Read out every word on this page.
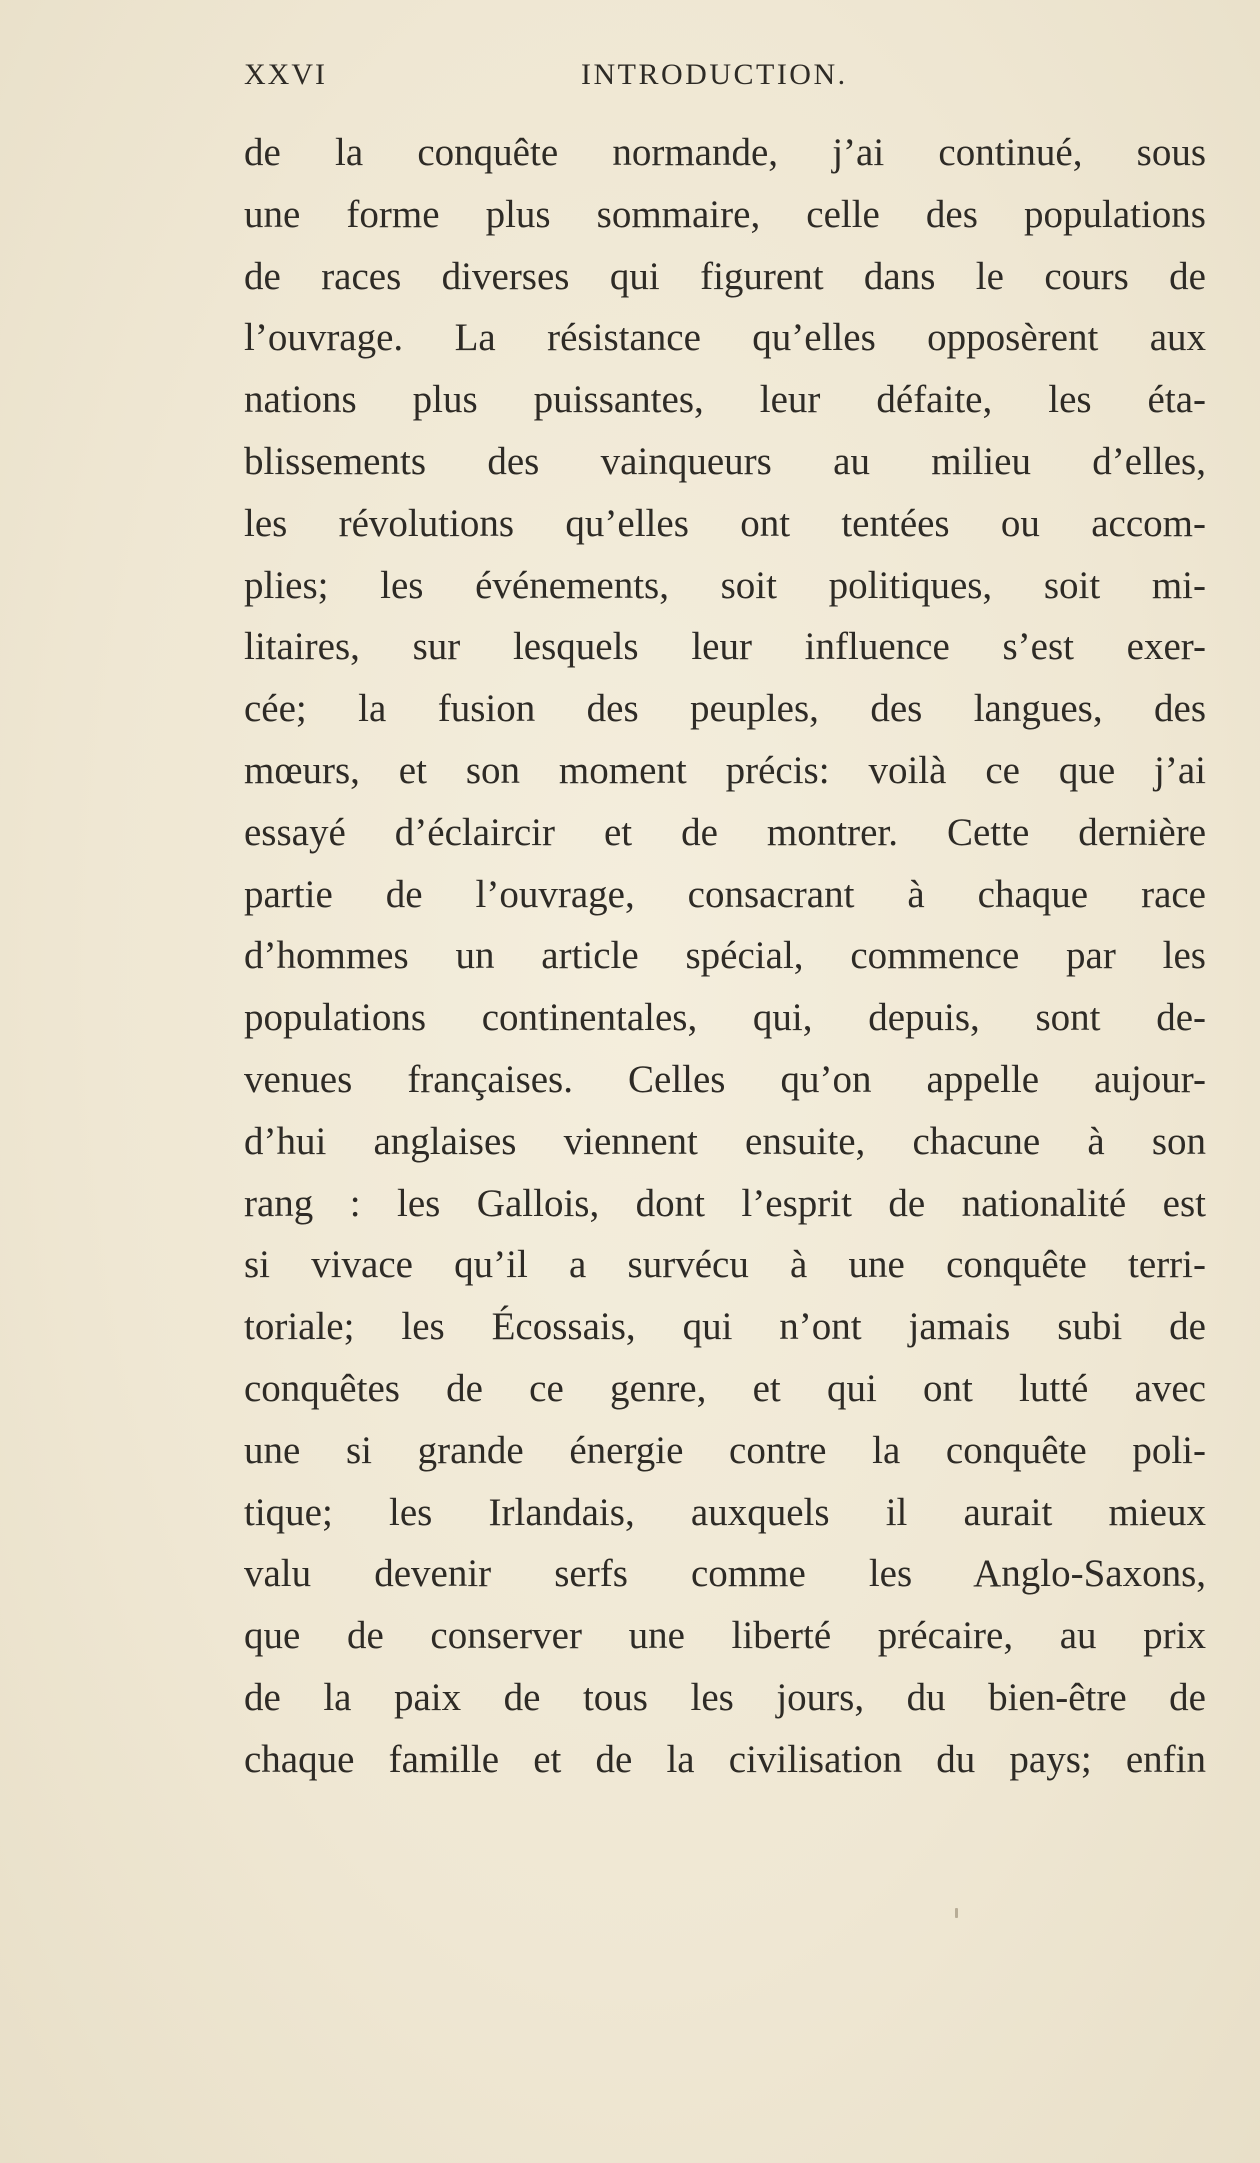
XXVI	INTRODUCTION.
de la conquête normande, j’ai continué, sous
une forme plus sommaire, celle des populations
de races diverses qui figurent dans le cours de
l’ouvrage. La résistance qu’elles opposèrent aux
nations plus puissantes, leur défaite, les éta-
blissements des vainqueurs au milieu d’elles,
les révolutions qu’elles ont tentées ou accom-
plies; les événements, soit politiques, soit mi-
litaires, sur lesquels leur influence s’est exer-
cée; la fusion des peuples, des langues, des
mœurs, et son moment précis: voilà ce que j’ai
essayé d’éclaircir et de montrer. Cette dernière
partie de l’ouvrage, consacrant à chaque race
d’hommes un article spécial, commence par les
populations continentales, qui, depuis, sont de-
venues françaises. Celles qu’on appelle aujour-
d’hui anglaises viennent ensuite, chacune à son
rang : les Gallois, dont l’esprit de nationalité est
si vivace qu’il a survécu à une conquête terri-
toriale; les Écossais, qui n’ont jamais subi de
conquêtes de ce genre, et qui ont lutté avec
une si grande énergie contre la conquête poli-
tique; les Irlandais, auxquels il aurait mieux
valu devenir serfs comme les Anglo-Saxons,
que de conserver une liberté précaire, au prix
de la paix de tous les jours, du bien-être de
chaque famille et de la civilisation du pays; enfin
